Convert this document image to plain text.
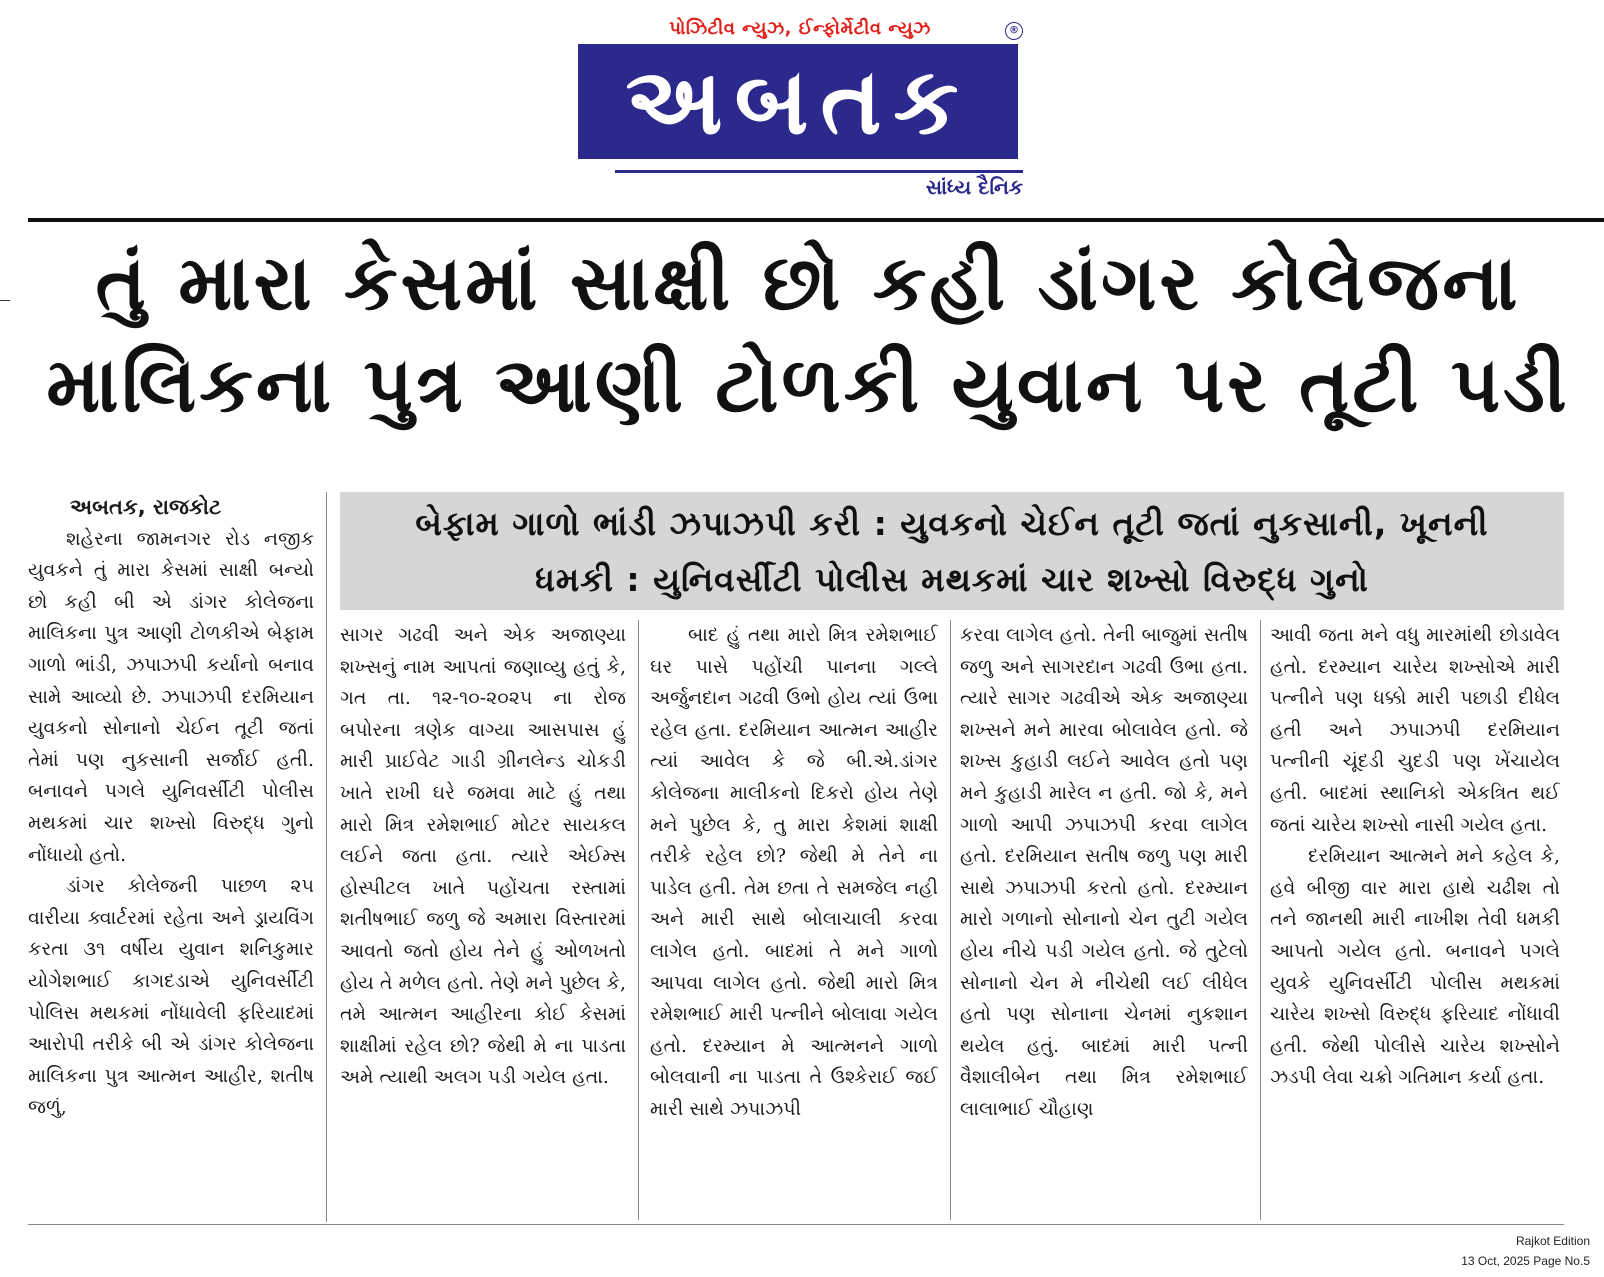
પોઝિટીવ ન્યુઝ, ઈન્ફોર્મેટીવ ન્યુઝ	®
અબતક
સાંધ્ય દૈનિક
તું મારા કેસમાં સાક્ષી છો કહી ડાંગર કોલેજના
માલિકના પુત્ર આણી ટોળકી યુવાન પર તૂટી પડી
બેફામ ગાળો ભાંડી ઝપાઝપી કરી : યુવકનો ચેઈન તૂટી જતાં નુકસાની, ખૂનની
ધમકી : યુનિવર્સીટી પોલીસ મથકમાં ચાર શખ્સો વિરુદ્ધ ગુનો

અબતક, રાજકોટ

શહેરના જામનગર રોડ નજીક યુવકને તું મારા કેસમાં સાક્ષી બન્યો છો કહી બી એ ડાંગર કોલેજના માલિકના પુત્ર આણી ટોળકીએ બેફામ ગાળો ભાંડી, ઝપાઝપી કર્યાનો બનાવ સામે આવ્યો છે. ઝપાઝપી દરમિયાન યુવકનો સોનાનો ચેઈન તૂટી જતાં તેમાં પણ નુકસાની સર્જાઈ હતી. બનાવને પગલે યુનિવર્સીટી પોલીસ મથકમાં ચાર શખ્સો વિરુદ્ધ ગુનો નોંધાયો હતો.

ડાંગર કોલેજની પાછળ ૨૫ વારીયા ક્વાર્ટરમાં રહેતા અને ડ્રાયવિંગ કરતા ૩૧ વર્ષીય યુવાન શનિકુમાર યોગેશભાઈ કાગદડાએ યુનિવર્સીટી પોલિસ મથકમાં નોંધાવેલી ફરિયાદમાં આરોપી તરીકે બી એ ડાંગર કોલેજના માલિકના પુત્ર આત્મન આહીર, શતીષ જળું,

સાગર ગઢવી અને એક અજાણ્યા શખ્સનું નામ આપતાં જણાવ્યુ હતું કે, ગત તા. ૧૨-૧૦-૨૦૨૫ ના રોજ બપોરના ત્રણેક વાગ્યા આસપાસ હું મારી પ્રાઈવેટ ગાડી ગ્રીનલેન્ડ ચોકડી ખાતે રાખી ઘરે જમવા માટે હું તથા મારો મિત્ર રમેશભાઈ મોટર સાયકલ લઈને જતા હતા. ત્યારે એઈમ્સ હોસ્પીટલ ખાતે પહોંચતા રસ્તામાં શતીષભાઈ જળુ જે અમારા વિસ્તારમાં આવતો જતો હોય તેને હું ઓળખતો હોય તે મળેલ હતો. તેણે મને પુછેલ કે, તમે આત્મન આહીરના કોઈ કેસમાં શાક્ષીમાં રહેલ છો? જેથી મે ના પાડતા અમે ત્યાથી અલગ પડી ગયેલ હતા.

બાદ હું તથા મારો મિત્ર રમેશભાઈ ઘર પાસે પહોંચી પાનના ગલ્લે અર્જુનદાન ગઢવી ઉભો હોય ત્યાં ઉભા રહેલ હતા. દરમિયાન આત્મન આહીર ત્યાં આવેલ કે જે બી.એ.ડાંગર કોલેજના માલીકનો દિકરો હોય તેણે મને પુછેલ કે, તુ મારા કેશમાં શાક્ષી તરીકે રહેલ છો? જેથી મે તેને ના પાડેલ હતી. તેમ છતા તે સમજેલ નહી અને મારી સાથે બોલાચાલી કરવા લાગેલ હતો. બાદમાં તે મને ગાળો આપવા લાગેલ હતો. જેથી મારો મિત્ર રમેશભાઈ મારી પત્નીને બોલાવા ગયેલ હતો. દરમ્યાન મે આત્મનને ગાળો બોલવાની ના પાડતા તે ઉશ્કેરાઈ જઈ મારી સાથે ઝપાઝપી

કરવા લાગેલ હતો. તેની બાજુમાં સતીષ જળુ અને સાગરદાન ગઢવી ઉભા હતા. ત્યારે સાગર ગઢવીએ એક અજાણ્યા શખ્સને મને મારવા બોલાવેલ હતો. જે શખ્સ કુહાડી લઈને આવેલ હતો પણ મને કુહાડી મારેલ ન હતી. જો કે, મને ગાળો આપી ઝપાઝપી કરવા લાગેલ હતો. દરમિયાન સતીષ જળુ પણ મારી સાથે ઝપાઝપી કરતો હતો. દરમ્યાન મારો ગળાનો સોનાનો ચેન તુટી ગયેલ હોય નીચે પડી ગયેલ હતો. જે તુટેલો સોનાનો ચેન મે નીચેથી લઈ લીધેલ હતો પણ સોનાના ચેનમાં નુકશાન થયેલ હતું. બાદમાં મારી પત્ની વૈશાલીબેન તથા મિત્ર રમેશભાઈ લાલાભાઈ ચૌહાણ

આવી જતા મને વધુ મારમાંથી છોડાવેલ હતો. દરમ્યાન ચારેય શખ્સોએ મારી પત્નીને પણ ધક્કો મારી પછાડી દીધેલ હતી અને ઝપાઝપી દરમિયાન પત્નીની ચૂંદડી ચુદડી પણ ખેંચાયેલ હતી. બાદમાં સ્થાનિકો એકત્રિત થઈ જતાં ચારેય શખ્સો નાસી ગયેલ હતા.

દરમિયાન આત્મને મને કહેલ કે, હવે બીજી વાર મારા હાથે ચઢીશ તો તને જાનથી મારી નાખીશ તેવી ધમકી આપતો ગયેલ હતો. બનાવને પગલે યુવકે યુનિવર્સીટી પોલીસ મથકમાં ચારેય શખ્સો વિરુદ્ધ ફરિયાદ નોંધાવી હતી. જેથી પોલીસે ચારેય શખ્સોને ઝડપી લેવા ચક્રો ગતિમાન કર્યા હતા.

Rajkot Edition
13 Oct, 2025 Page No.5
